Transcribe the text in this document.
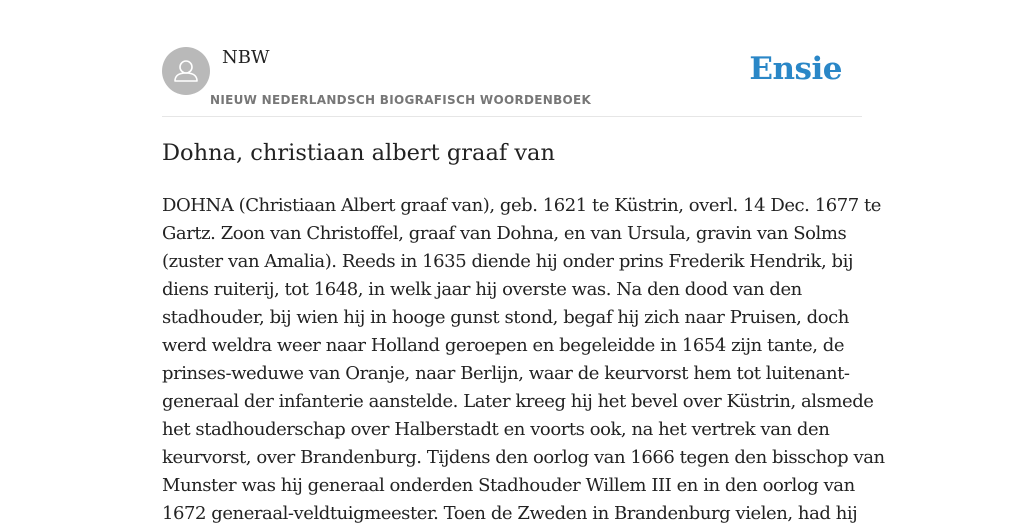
NBW
NIEUW NEDERLANDSCH BIOGRAFISCH WOORDENBOEK
Ensie
Dohna, christiaan albert graaf van
DOHNA (Christiaan Albert graaf van), geb. 1621 te Küstrin, overl. 14 Dec. 1677 te
Gartz. Zoon van Christoffel, graaf van Dohna, en van Ursula, gravin van Solms
(zuster van Amalia). Reeds in 1635 diende hij onder prins Frederik Hendrik, bij
diens ruiterij, tot 1648, in welk jaar hij overste was. Na den dood van den
stadhouder, bij wien hij in hooge gunst stond, begaf hij zich naar Pruisen, doch
werd weldra weer naar Holland geroepen en begeleidde in 1654 zijn tante, de
prinses-weduwe van Oranje, naar Berlijn, waar de keurvorst hem tot luitenant-
generaal der infanterie aanstelde. Later kreeg hij het bevel over Küstrin, alsmede
het stadhouderschap over Halberstadt en voorts ook, na het vertrek van den
keurvorst, over Brandenburg. Tijdens den oorlog van 1666 tegen den bisschop van
Munster was hij generaal onderden Stadhouder Willem III en in den oorlog van
1672 generaal-veldtuigmeester. Toen de Zweden in Brandenburg vielen, had hij
